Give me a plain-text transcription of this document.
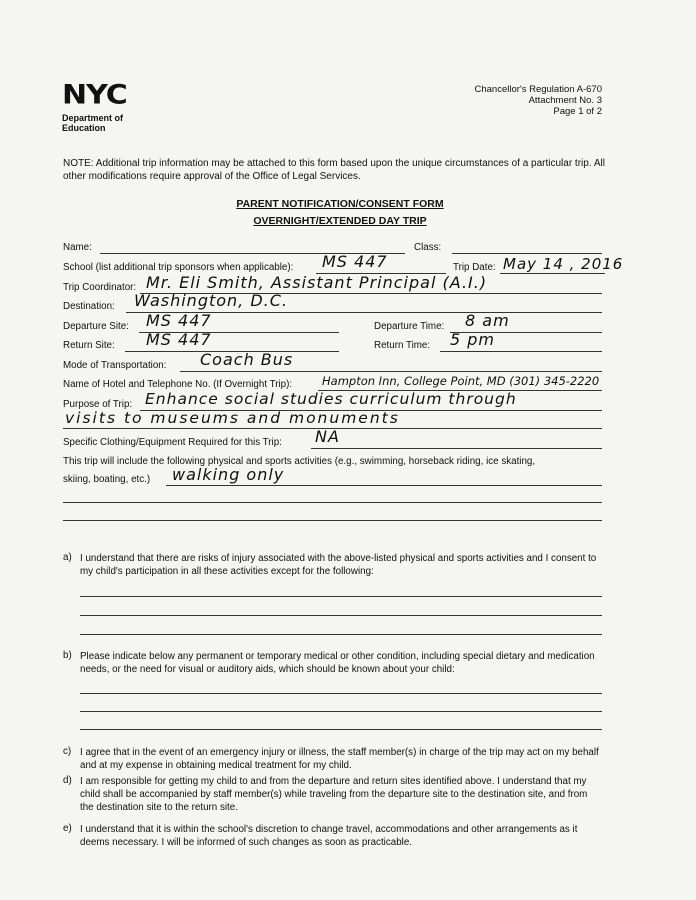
NYC
Department of
Education
Chancellor's Regulation A-670
Attachment No. 3
Page 1 of 2
NOTE: Additional trip information may be attached to this form based upon the unique circumstances of a particular trip. All other modifications require approval of the Office of Legal Services.
PARENT NOTIFICATION/CONSENT FORM
OVERNIGHT/EXTENDED DAY TRIP
Name:	Class:
School (list additional trip sponsors when applicable): MS 447	Trip Date: May 14 , 2016
Trip Coordinator: Mr. Eli Smith, Assistant Principal (A.I.)
Destination: Washington, D.C.
Departure Site: MS 447	Departure Time: 8 am
Return Site: MS 447	Return Time: 5 pm
Mode of Transportation: Coach Bus
Name of Hotel and Telephone No. (If Overnight Trip):	Hampton Inn, College Point, MD (301) 345-2220
Purpose of Trip: Enhance social studies curriculum through
visits to museums and monuments
Specific Clothing/Equipment Required for this Trip: NA
This trip will include the following physical and sports activities (e.g., swimming, horseback riding, ice skating,
skiing, boating, etc.) walking only
a) I understand that there are risks of injury associated with the above-listed physical and sports activities and I consent to my child's participation in all these activities except for the following:
b) Please indicate below any permanent or temporary medical or other condition, including special dietary and medication needs, or the need for visual or auditory aids, which should be known about your child:
c) I agree that in the event of an emergency injury or illness, the staff member(s) in charge of the trip may act on my behalf and at my expense in obtaining medical treatment for my child.
d) I am responsible for getting my child to and from the departure and return sites identified above. I understand that my child shall be accompanied by staff member(s) while traveling from the departure site to the destination site, and from the destination site to the return site.
e) I understand that it is within the school's discretion to change travel, accommodations and other arrangements as it deems necessary. I will be informed of such changes as soon as practicable.
